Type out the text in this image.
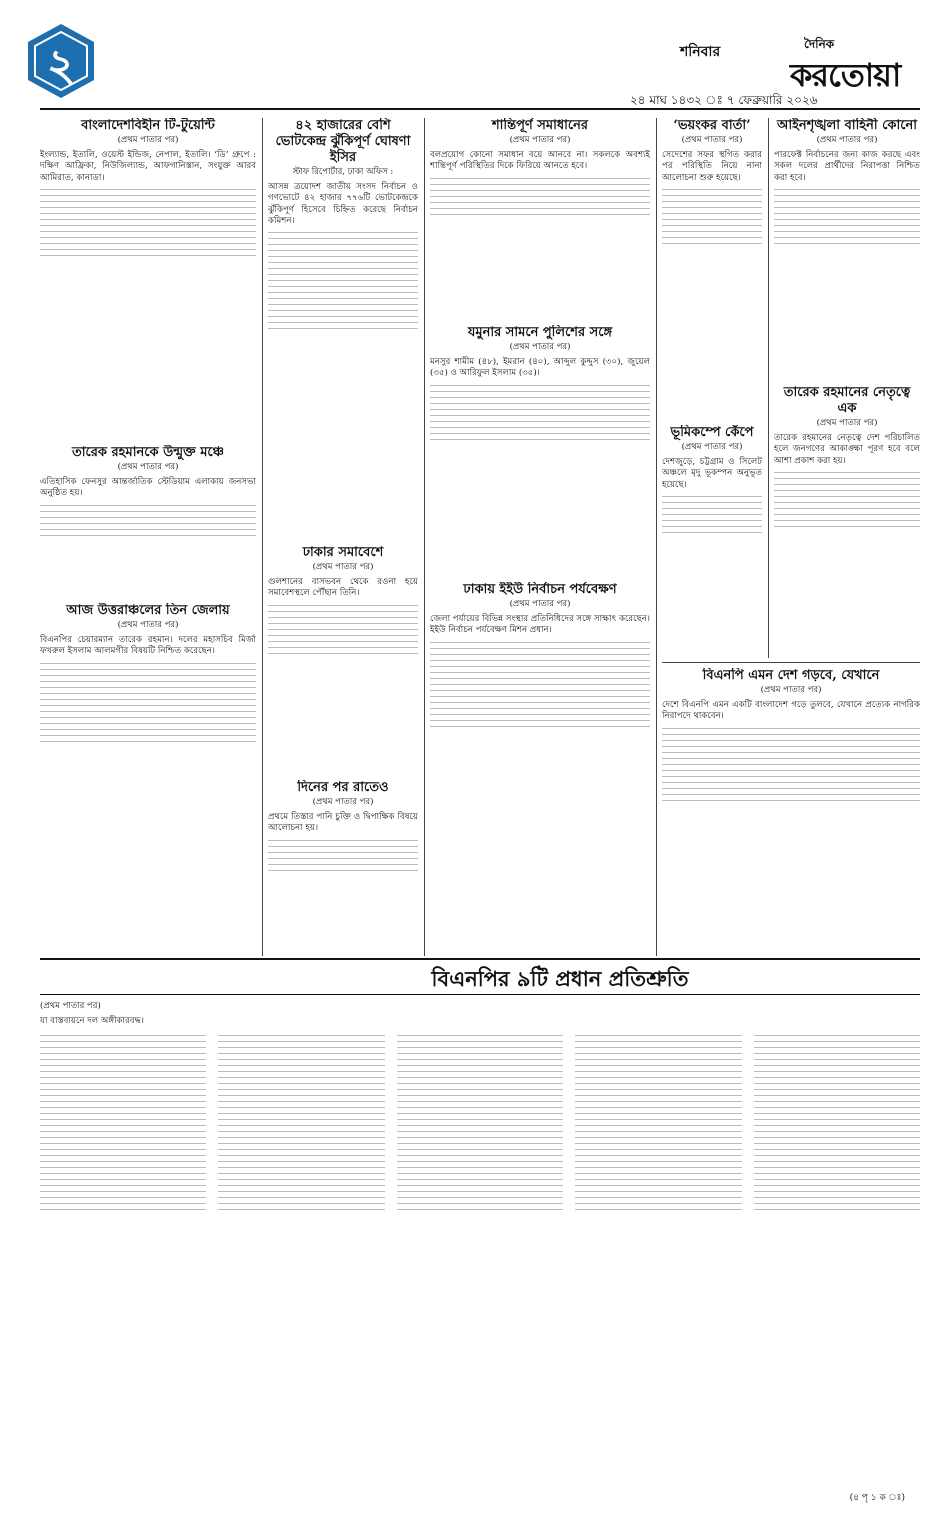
২	শনিবার	দৈনিক
করতোয়া
২৪ মাঘ ১৪৩২ ঃ ৭ ফেব্রুয়ারি ২০২৬

বাংলাদেশবিহীন টি-টুয়েন্টি

(প্রথম পাতার পর)

ইংল্যান্ড, ইতালি, ওয়েস্ট ইন্ডিজ, নেপাল, ইতালি। ‘ডি’ গ্রুপে : দক্ষিণ আফ্রিকা, নিউজিল্যান্ড, আফগানিস্তান, সংযুক্ত আরব আমিরাত, কানাডা।

তারেক রহমানকে উন্মুক্ত মঞ্চে

(প্রথম পাতার পর)

এতিহাসিক ফেনসুর আন্তর্জাতিক স্টেডিয়াম এলাকায় জনসভা অনুষ্ঠিত হয়।

আজ উত্তরাঞ্চলের তিন জেলায়

(প্রথম পাতার পর)

বিএনপির চেয়ারম্যান তারেক রহমান। দলের মহাসচিব মির্জা ফখরুল ইসলাম আলমগীর বিষয়টি নিশ্চিত করেছেন।

৪২ হাজারের বেশি ভোটকেন্দ্র ঝুঁকিপূর্ণ ঘোষণা ইসির

স্টাফ রিপোর্টার, ঢাকা অফিস :

আসন্ন ত্রয়োদশ জাতীয় সংসদ নির্বাচন ও গণভোটে ৪২ হাজার ৭৭৬টি ভোটকেন্দ্রকে ঝুঁকিপূর্ণ হিসেবে চিহ্নিত করেছে নির্বাচন কমিশন।

ঢাকার সমাবেশে

(প্রথম পাতার পর)

গুলশানের বাসভবন থেকে রওনা হয়ে সমাবেশস্থলে পৌঁছান তিনি।

শান্তিপূর্ণ সমাধানের

(প্রথম পাতার পর)

বলপ্রয়োগ কোনো সমাধান বয়ে আনবে না। সকলকে অবশ্যই শান্তিপূর্ণ পরিস্থিতির দিকে ফিরিয়ে আনতে হবে।

যমুনার সামনে পুলিশের সঙ্গে

(প্রথম পাতার পর)

মনসুর শামীম (৪৮), ইমরান (৪০), আব্দুল কুদ্দুস (৩০), জুয়েল (৩৫) ও আরিফুল ইসলাম (৩৫)।

ঢাকায় ইইউ নির্বাচন পর্যবেক্ষণ

(প্রথম পাতার পর)

জেলা পর্যায়ের বিভিন্ন সংস্থার প্রতিনিধিদের সঙ্গে সাক্ষাৎ করেছেন। ইইউ নির্বাচন পর্যবেক্ষণ মিশন প্রধান।

‘ভয়ংকর বার্তা’

(প্রথম পাতার পর)

সেদেশের সফর স্থগিত করার পর পরিস্থিতি নিয়ে নানা আলোচনা শুরু হয়েছে।

ভূমিকম্পে কেঁপে

(প্রথম পাতার পর)

দেশজুড়ে, চট্টগ্রাম ও সিলেট অঞ্চলে মৃদু ভূকম্পন অনুভূত হয়েছে।

আইনশৃঙ্খলা বাহিনী কোনো

(প্রথম পাতার পর)

পারফেক্ট নির্বাচনের জন্য কাজ করছে এবং সকল দলের প্রার্থীদের নিরাপত্তা নিশ্চিত করা হবে।

তারেক রহমানের নেতৃত্বে এক

(প্রথম পাতার পর)

তারেক রহমানের নেতৃত্বে দেশ পরিচালিত হলে জনগণের আকাঙ্ক্ষা পূরণ হবে বলে আশা প্রকাশ করা হয়।

বিএনপি এমন দেশ গড়বে, যেখানে

(প্রথম পাতার পর)

দেশে বিএনপি এমন একটি বাংলাদেশ গড়ে তুলবে, যেখানে প্রত্যেক নাগরিক নিরাপদে থাকবেন।

দিনের পর রাতেও

(প্রথম পাতার পর)

প্রথমে তিস্তার পানি চুক্তি ও দ্বিপাক্ষিক বিষয়ে আলোচনা হয়।

বিএনপির ৯টি প্রধান প্রতিশ্রুতি

(প্রথম পাতার পর)

যা বাস্তবায়নে দল অঙ্গীকারবদ্ধ।

(৪ পৃ ১ ক ঃ)
